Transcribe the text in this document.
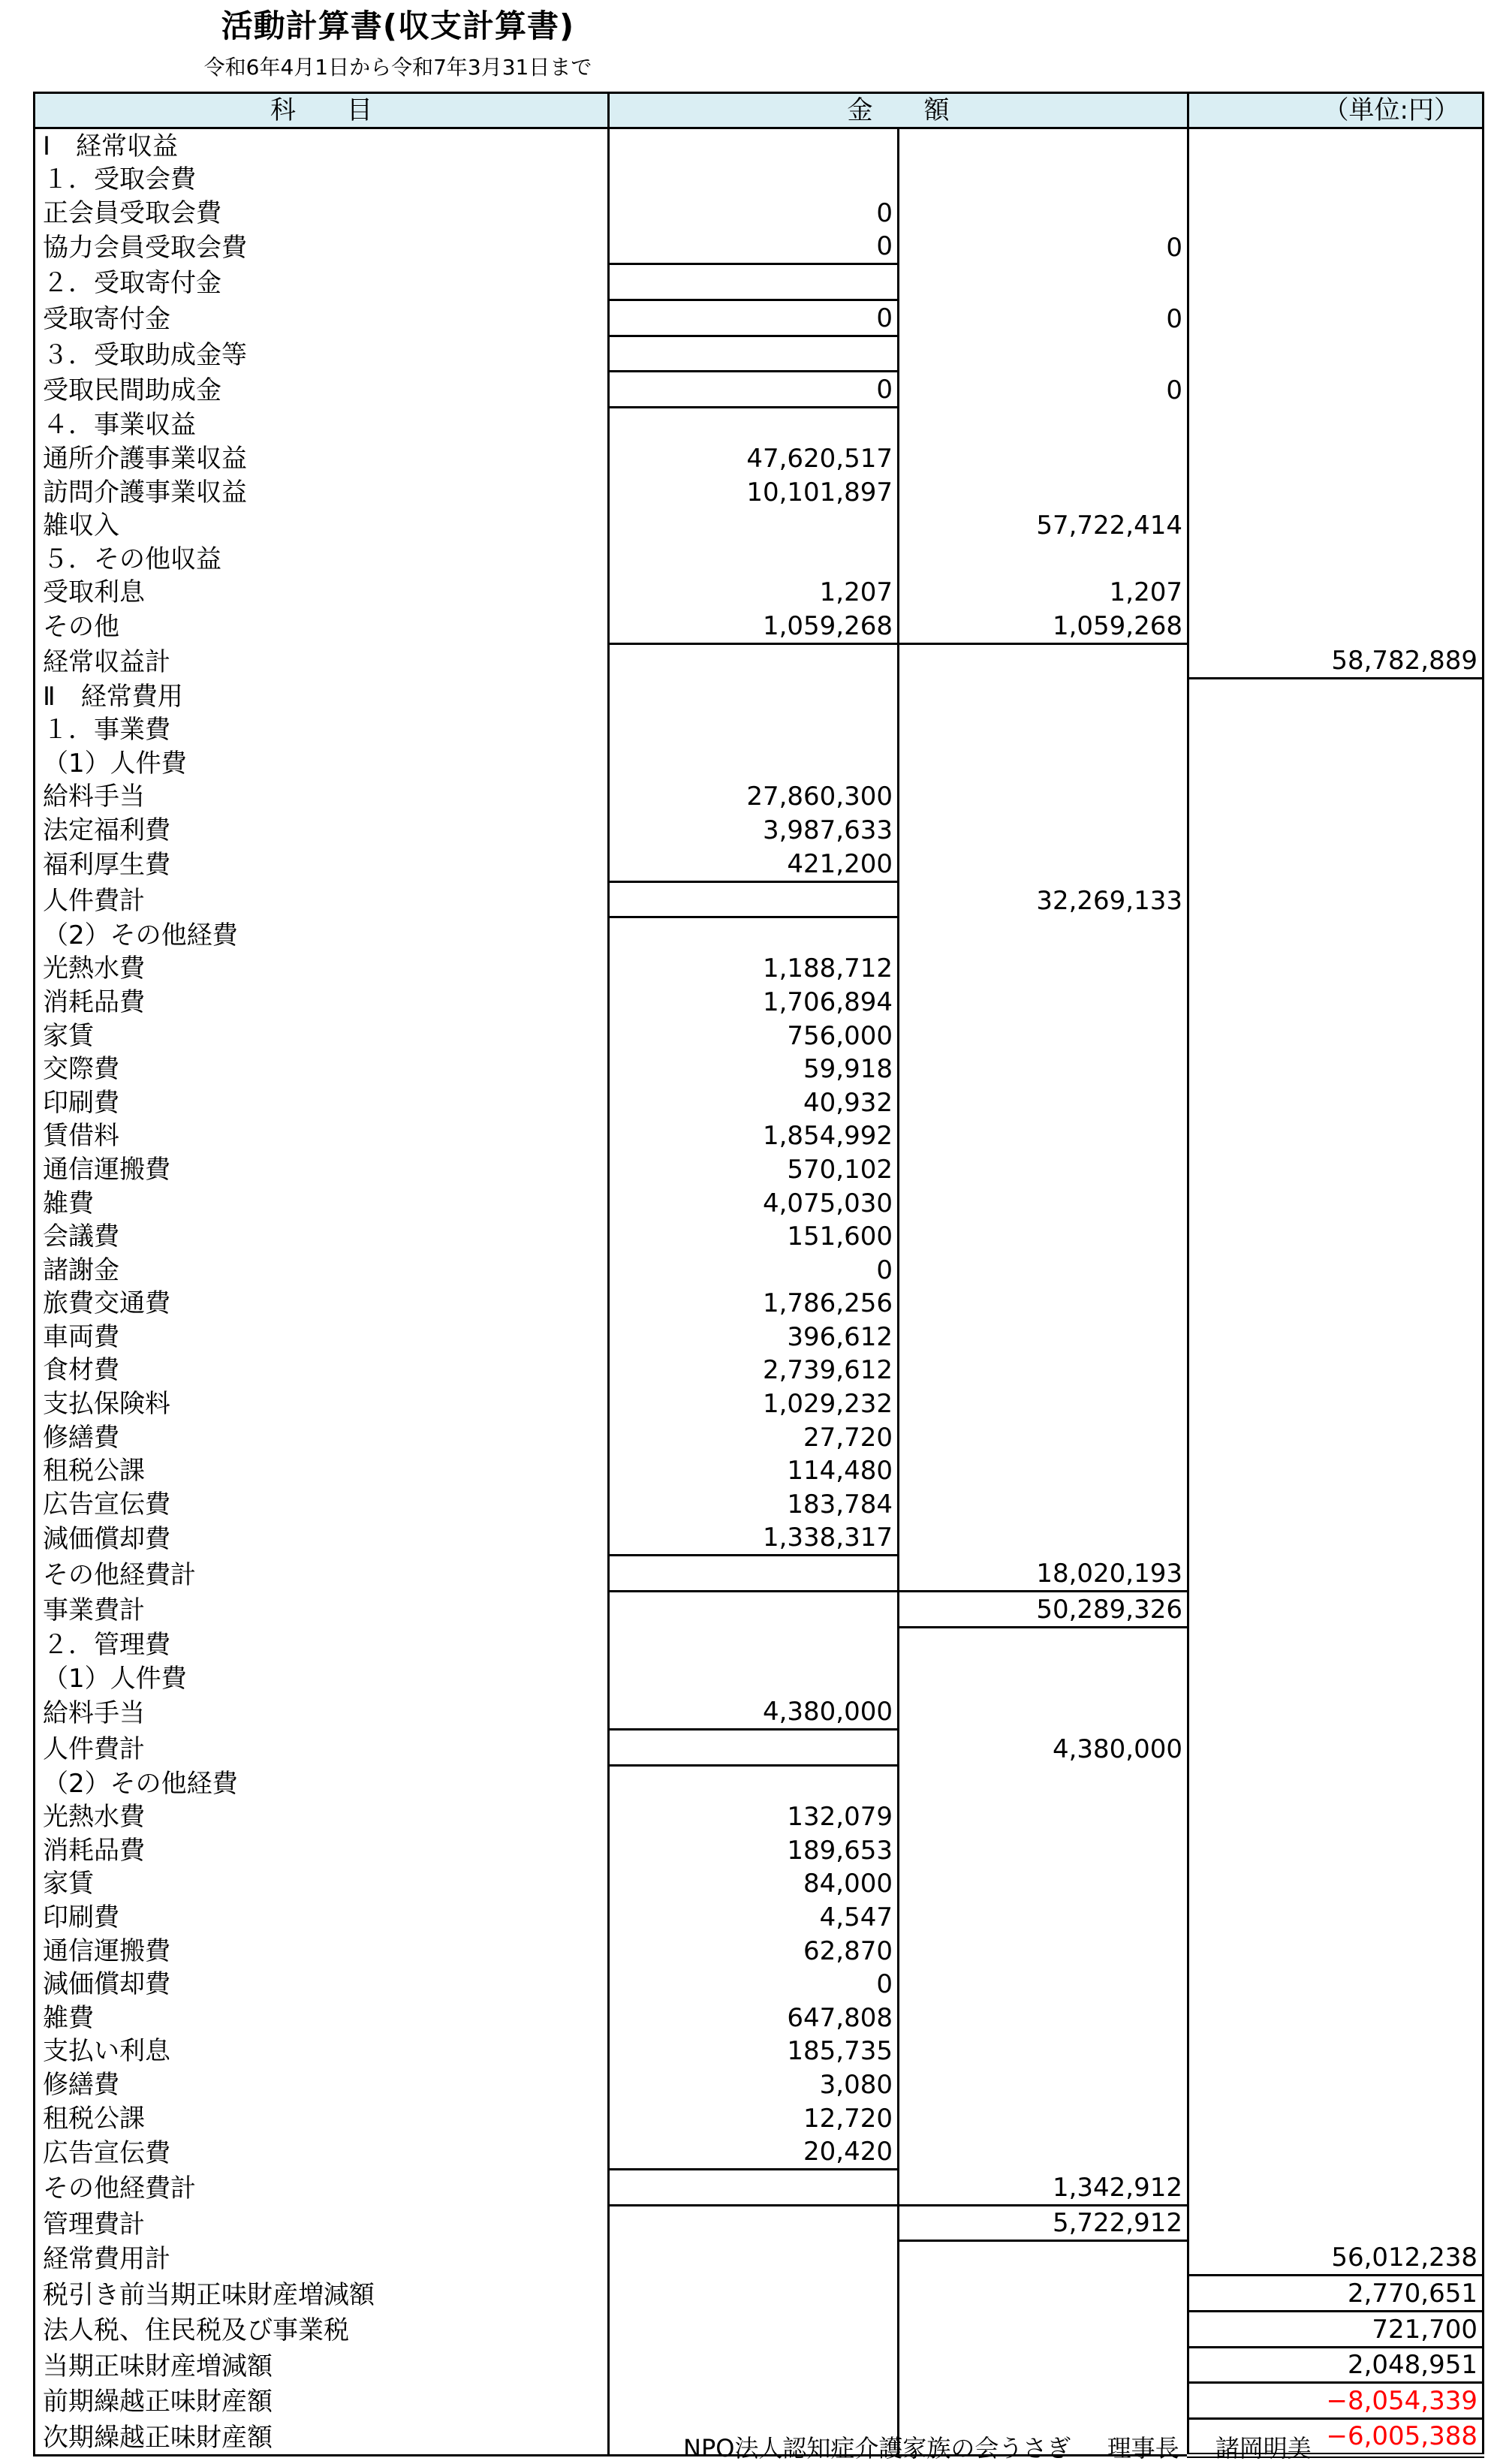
活動計算書(収支計算書)
令和6年4月1日から令和7年3月31日まで
科　　目	金　　額		（単位:円）
Ⅰ　経常収益			
１．受取会費			
正会員受取会費	0		
協力会員受取会費	0	0	
２．受取寄付金			
受取寄付金	0	0	
３．受取助成金等			
受取民間助成金	0	0	
４．事業収益			
通所介護事業収益	47,620,517		
訪問介護事業収益	10,101,897		
雑収入		57,722,414	
５．その他収益			
受取利息	1,207	1,207	
その他	1,059,268	1,059,268	
経常収益計			58,782,889
Ⅱ　経常費用			
１．事業費			
（1）人件費			
給料手当	27,860,300		
法定福利費	3,987,633		
福利厚生費	421,200		
人件費計		32,269,133	
（2）その他経費			
光熱水費	1,188,712		
消耗品費	1,706,894		
家賃	756,000		
交際費	59,918		
印刷費	40,932		
賃借料	1,854,992		
通信運搬費	570,102		
雑費	4,075,030		
会議費	151,600		
諸謝金	0		
旅費交通費	1,786,256		
車両費	396,612		
食材費	2,739,612		
支払保険料	1,029,232		
修繕費	27,720		
租税公課	114,480		
広告宣伝費	183,784		
減価償却費	1,338,317		
その他経費計		18,020,193	
事業費計		50,289,326	
２．管理費			
（1）人件費			
給料手当	4,380,000		
人件費計		4,380,000	
（2）その他経費			
光熱水費	132,079		
消耗品費	189,653		
家賃	84,000		
印刷費	4,547		
通信運搬費	62,870		
減価償却費	0		
雑費	647,808		
支払い利息	185,735		
修繕費	3,080		
租税公課	12,720		
広告宣伝費	20,420		
その他経費計		1,342,912	
管理費計		5,722,912	
経常費用計			56,012,238
税引き前当期正味財産増減額			2,770,651
法人税、住民税及び事業税			721,700
当期正味財産増減額			2,048,951
前期繰越正味財産額			−8,054,339
次期繰越正味財産額			−6,005,388
NPO法人認知症介護家族の会うさぎ 理事長 諸岡明美
